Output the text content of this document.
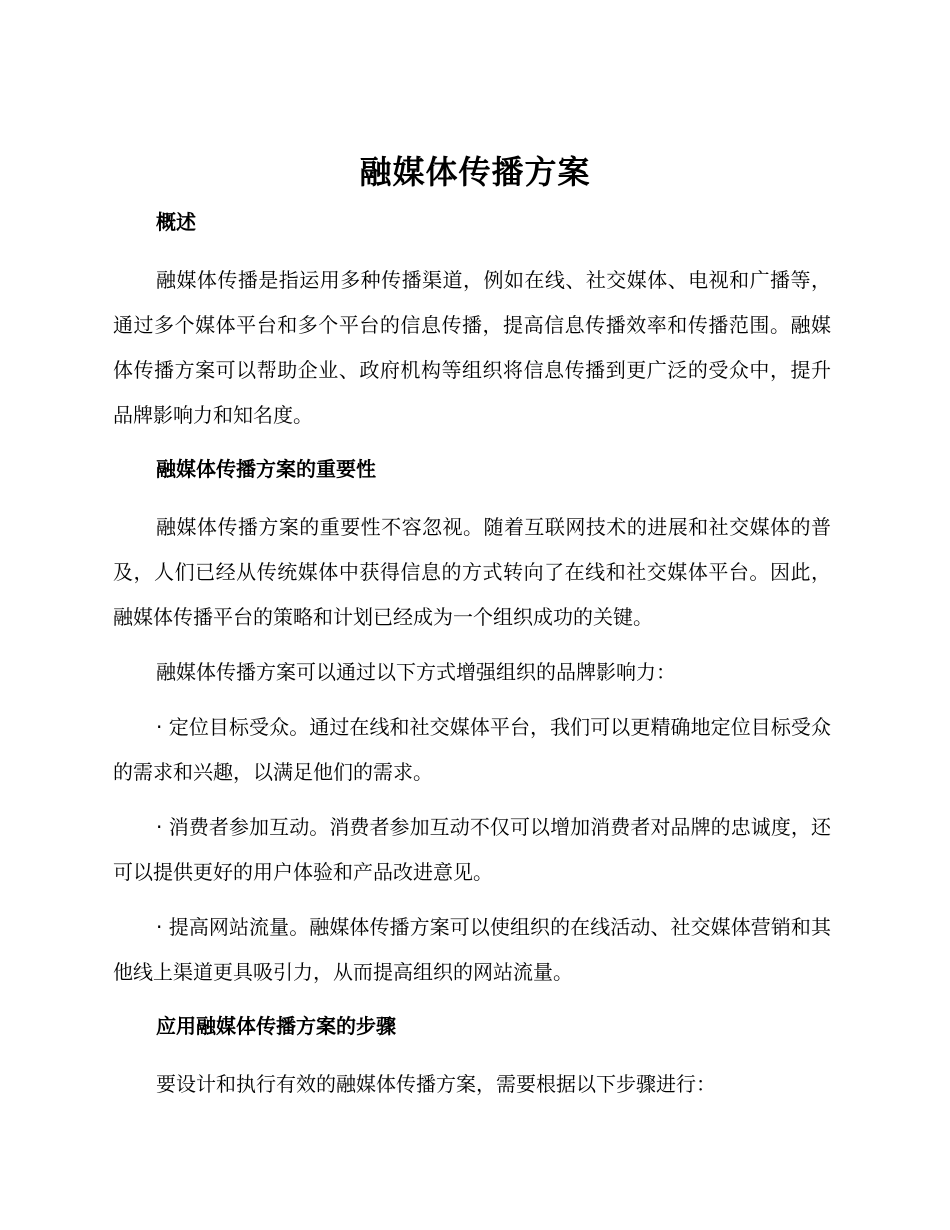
融媒体传播方案

概述

融媒体传播是指运用多种传播渠道，例如在线、社交媒体、电视和广播等，通过多个媒体平台和多个平台的信息传播，提高信息传播效率和传播范围。融媒体传播方案可以帮助企业、政府机构等组织将信息传播到更广泛的受众中，提升品牌影响力和知名度。

融媒体传播方案的重要性

融媒体传播方案的重要性不容忽视。随着互联网技术的进展和社交媒体的普及，人们已经从传统媒体中获得信息的方式转向了在线和社交媒体平台。因此，融媒体传播平台的策略和计划已经成为一个组织成功的关键。

融媒体传播方案可以通过以下方式增强组织的品牌影响力：

· 定位目标受众。通过在线和社交媒体平台，我们可以更精确地定位目标受众的需求和兴趣，以满足他们的需求。

· 消费者参加互动。消费者参加互动不仅可以增加消费者对品牌的忠诚度，还可以提供更好的用户体验和产品改进意见。

· 提高网站流量。融媒体传播方案可以使组织的在线活动、社交媒体营销和其他线上渠道更具吸引力，从而提高组织的网站流量。

应用融媒体传播方案的步骤

要设计和执行有效的融媒体传播方案，需要根据以下步骤进行：
